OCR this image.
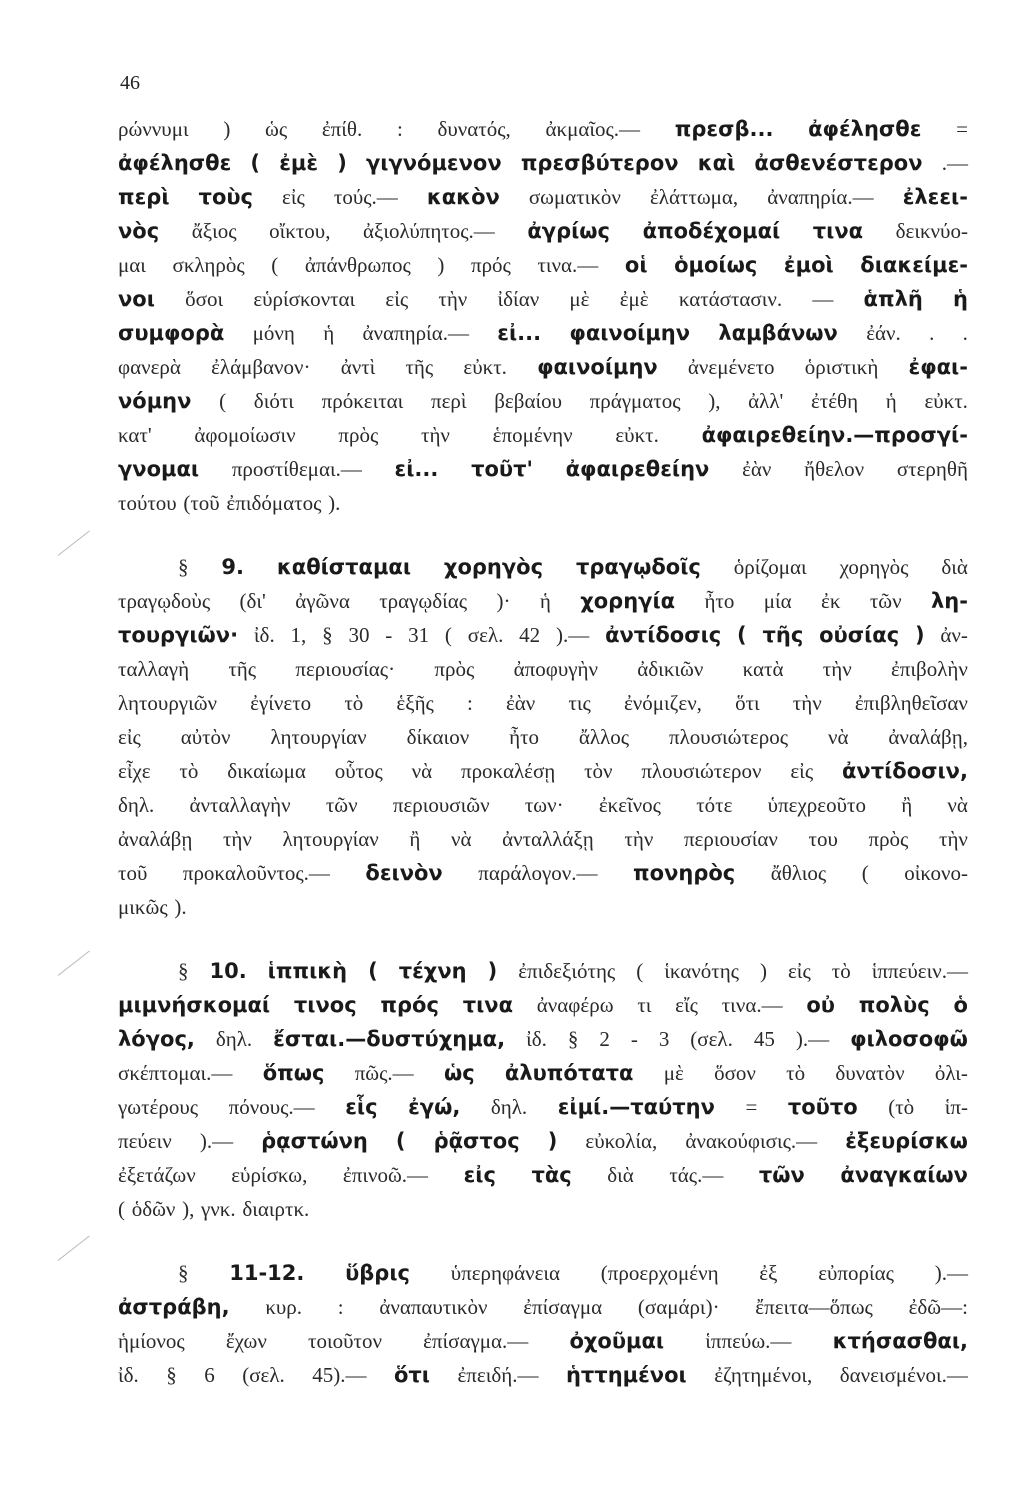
46
ρώννυμι ) ὡς ἐπίθ. : δυνατός, ἀκμαῖος.— πρεσβ... ἀφέλησθε =
ἀφέλησθε ( ἐμὲ ) γιγνόμενον πρεσβύτερον καὶ ἀσθενέστερον .—
περὶ τοὺς εἰς τούς.— κακὸν σωματικὸν ἐλάττωμα, ἀναπηρία.— ἐλεει-
νὸς ἄξιος οἴκτου, ἀξιολύπητος.— ἀγρίως ἀποδέχομαί τινα δεικνύο-
μαι σκληρὸς ( ἀπάνθρωπος ) πρός τινα.— οἱ ὁμοίως ἐμοὶ διακείμε-
νοι ὅσοι εὑρίσκονται εἰς τὴν ἰδίαν μὲ ἐμὲ κατάστασιν. — ἁπλῆ ἡ
συμφορὰ μόνη ἡ ἀναπηρία.— εἰ... φαινοίμην λαμβάνων ἐάν. . .
φανερὰ ἐλάμβανον· ἀντὶ τῆς εὐκτ. φαινοίμην ἀνεμένετο ὁριστικὴ ἐφαι-
νόμην ( διότι πρόκειται περὶ βεβαίου πράγματος ), ἀλλ' ἐτέθη ἡ εὐκτ.
κατ' ἀφομοίωσιν πρὸς τὴν ἑπομένην εὐκτ. ἀφαιρεθείην.—προσγί-
γνομαι προστίθεμαι.— εἰ... τοῦτ' ἀφαιρεθείην ἐὰν ἤθελον στερηθῆ
τούτου
(τοῦ
ἐπιδόματος
).

§ 9. καθίσταμαι χορηγὸς τραγῳδοῖς ὁρίζομαι χορηγὸς διὰ
τραγῳδοὺς (δι' ἀγῶνα τραγῳδίας )· ἡ χορηγία ἦτο μία ἐκ τῶν λη-
τουργιῶν· ἰδ. 1, § 30 - 31 ( σελ. 42 ).— ἀντίδοσις ( τῆς οὐσίας ) ἀν-
ταλλαγὴ τῆς περιουσίας· πρὸς ἀποφυγὴν ἀδικιῶν κατὰ τὴν ἐπιβολὴν
λητουργιῶν ἐγίνετο τὸ ἑξῆς : ἐὰν τις ἐνόμιζεν, ὅτι τὴν ἐπιβληθεῖσαν
εἰς αὐτὸν λητουργίαν δίκαιον ἦτο ἄλλος πλουσιώτερος νὰ ἀναλάβῃ,
εἶχε τὸ δικαίωμα οὗτος νὰ προκαλέσῃ τὸν πλουσιώτερον εἰς ἀντίδοσιν,
δηλ. ἀνταλλαγὴν τῶν περιουσιῶν των· ἐκεῖνος τότε ὑπεχρεοῦτο ἢ νὰ
ἀναλάβῃ τὴν λητουργίαν ἢ νὰ ἀνταλλάξῃ τὴν περιουσίαν του πρὸς τὴν
τοῦ προκαλοῦντος.— δεινὸν παράλογον.— πονηρὸς ἄθλιος ( οἰκονο-
μικῶς
).

§ 10. ἱππικὴ ( τέχνη ) ἐπιδεξιότης ( ἱκανότης ) εἰς τὸ ἱππεύειν.—
μιμνήσκομαί τινος πρός τινα ἀναφέρω τι εἴς τινα.— οὐ πολὺς ὁ
λόγος, δηλ. ἔσται.—δυστύχημα, ἰδ. § 2 - 3 (σελ. 45 ).— φιλοσοφῶ
σκέπτομαι.— ὅπως πῶς.— ὡς ἀλυπότατα μὲ ὅσον τὸ δυνατὸν ὀλι-
γωτέρους πόνους.— εἷς ἐγώ, δηλ. εἰμί.—ταύτην = τοῦτο (τὸ ἱπ-
πεύειν ).— ῥᾳστώνη ( ῥᾷστος ) εὐκολία, ἀνακούφισις.— ἐξευρίσκω
ἐξετάζων εὑρίσκω, ἐπινοῶ.— εἰς τὰς διὰ τάς.— τῶν ἀναγκαίων
(
ὁδῶν
),
γνκ.
διαιρτκ.

§ 11-12. ὕβρις ὑπερηφάνεια (προερχομένη ἐξ εὐπορίας ).—
ἀστράβη, κυρ. : ἀναπαυτικὸν ἐπίσαγμα (σαμάρι)· ἔπειτα—ὅπως ἐδῶ—:
ἡμίονος ἔχων τοιοῦτον ἐπίσαγμα.— ὀχοῦμαι ἱππεύω.— κτήσασθαι,
ἰδ. § 6 (σελ. 45).— ὅτι ἐπειδή.— ἡττημένοι ἐζητημένοι, δανεισμένοι.—
